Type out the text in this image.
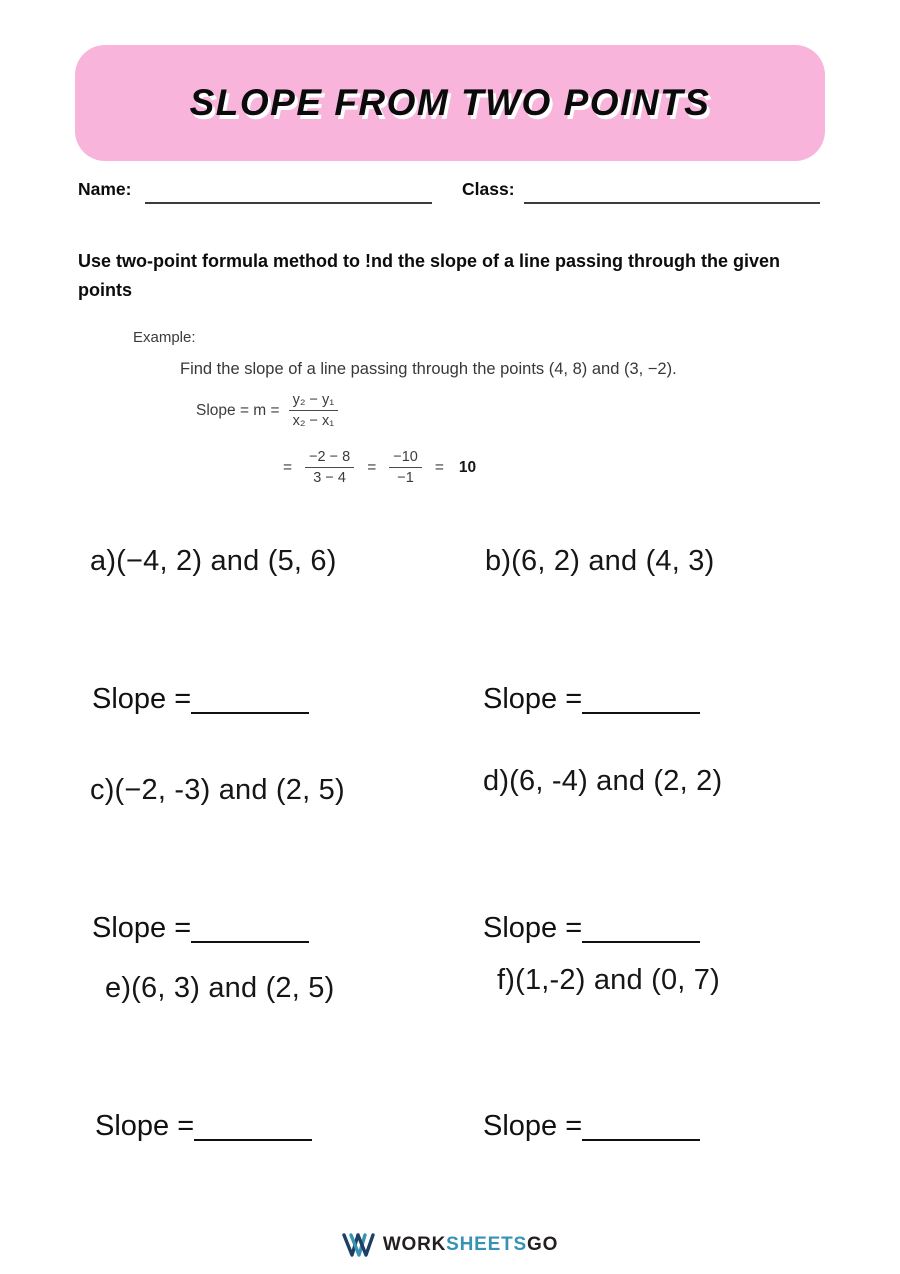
SLOPE FROM TWO POINTS
Name:	Class:
Use two-point formula method to !nd the slope of a line passing through the given points
Example:
Find the slope of a line passing through the points (4, 8) and (3, −2).
Slope = $m = \frac{\text{y₂ − y₁}}{\text{x₂ − x₁}}$
= $\frac{-2 - 8}{3 - 4} = \frac{-10}{-1} = 10$
a)(−4, 2) and (5, 6)	b)(6, 2) and (4, 3)
c)(−2, -3) and (2, 5)	d)(6, -4) and (2, 2)
e)(6, 3) and (2, 5)	f)(1,-2) and (0, 7)
Slope =	Slope =
Slope =	Slope =
Slope =	Slope =
WORKSHEETSGO
